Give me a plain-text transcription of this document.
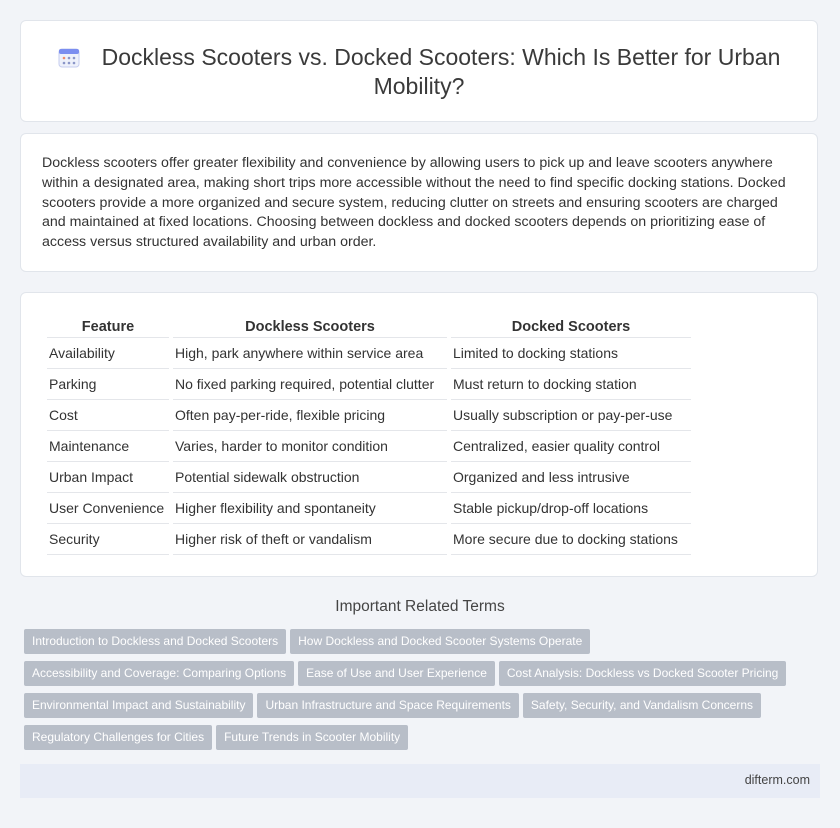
Dockless Scooters vs. Docked Scooters: Which Is Better for Urban Mobility?

Dockless scooters offer greater flexibility and convenience by allowing users to pick up and leave scooters anywhere within a designated area, making short trips more accessible without the need to find specific docking stations. Docked scooters provide a more organized and secure system, reducing clutter on streets and ensuring scooters are charged and maintained at fixed locations. Choosing between dockless and docked scooters depends on prioritizing ease of access versus structured availability and urban order.

Feature	Dockless Scooters	Docked Scooters
Availability	High, park anywhere within service area	Limited to docking stations
Parking	No fixed parking required, potential clutter	Must return to docking station
Cost	Often pay-per-ride, flexible pricing	Usually subscription or pay-per-use
Maintenance	Varies, harder to monitor condition	Centralized, easier quality control
Urban Impact	Potential sidewalk obstruction	Organized and less intrusive
User Convenience	Higher flexibility and spontaneity	Stable pickup/drop-off locations
Security	Higher risk of theft or vandalism	More secure due to docking stations
Important Related Terms
Introduction to Dockless and Docked Scooters How Dockless and Docked Scooter Systems Operate
Accessibility and Coverage: Comparing Options Ease of Use and User Experience Cost Analysis: Dockless vs Docked Scooter Pricing
Environmental Impact and Sustainability Urban Infrastructure and Space Requirements Safety, Security, and Vandalism Concerns
Regulatory Challenges for Cities Future Trends in Scooter Mobility
difterm.com
